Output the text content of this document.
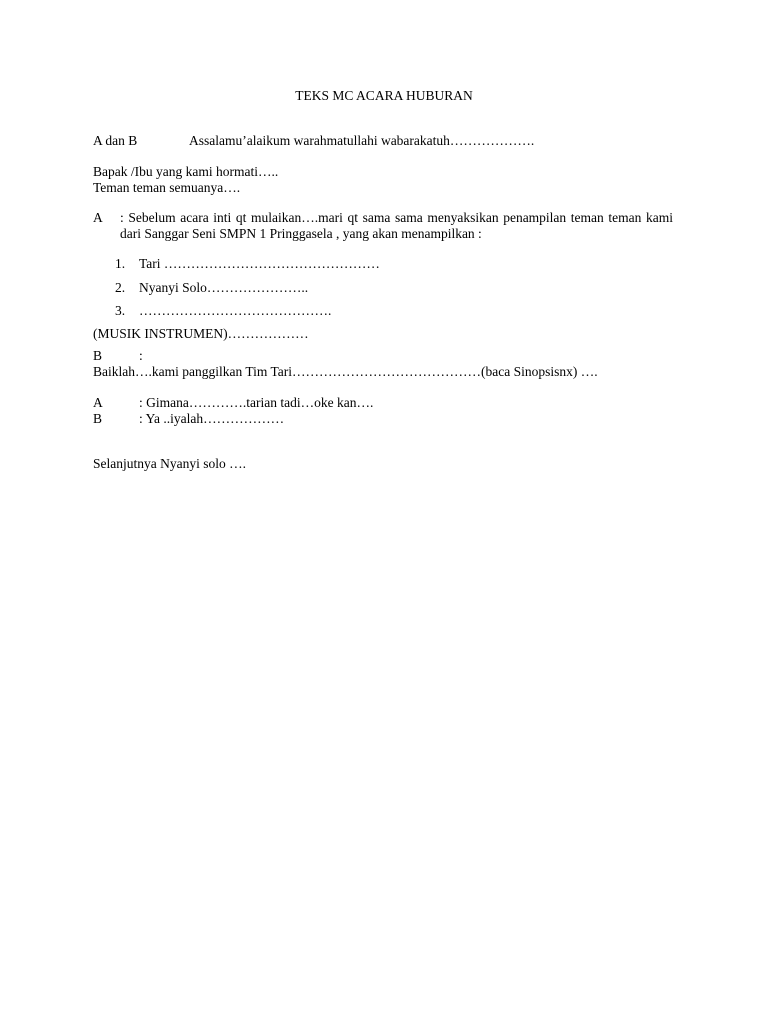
TEKS MC ACARA HUBURAN
A dan B	Assalamu’alaikum warahmatullahi wabarakatuh……………….
Bapak /Ibu yang kami hormati…..
Teman teman semuanya….
A : Sebelum acara inti qt mulaikan….mari qt sama sama menyaksikan penampilan teman teman kami dari Sanggar Seni SMPN 1 Pringgasela , yang akan menampilkan :
1. Tari …………………………………………
2. Nyanyi Solo…………………..
3. …………………………………….
(MUSIK INSTRUMEN)………………
B	:
Baiklah….kami panggilkan Tim Tari……………………………………(baca Sinopsisnx) ….
A	: Gimana………….tarian tadi…oke kan….
B	: Ya ..iyalah………………
Selanjutnya Nyanyi solo ….
